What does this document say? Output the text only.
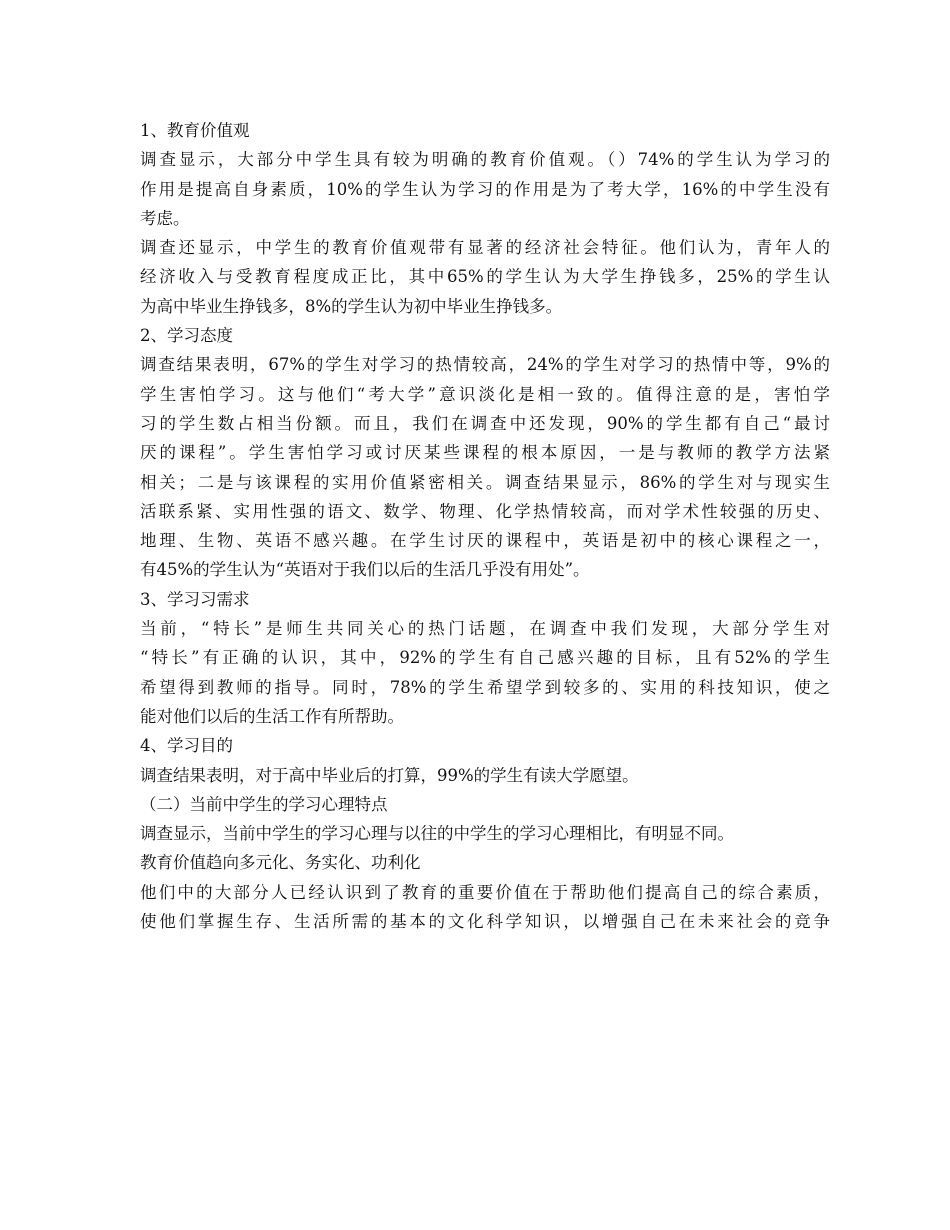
1、教育价值观
调查显示，大部分中学生具有较为明确的教育价值观。（）74%的学生认为学习的
作用是提高自身素质，10%的学生认为学习的作用是为了考大学，16%的中学生没有
考虑。
调查还显示，中学生的教育价值观带有显著的经济社会特征。他们认为，青年人的
经济收入与受教育程度成正比，其中65%的学生认为大学生挣钱多，25%的学生认
为高中毕业生挣钱多，8%的学生认为初中毕业生挣钱多。
2、学习态度
调查结果表明，67%的学生对学习的热情较高，24%的学生对学习的热情中等，9%的
学生害怕学习。这与他们“考大学”意识淡化是相一致的。值得注意的是，害怕学
习的学生数占相当份额。而且，我们在调查中还发现，90%的学生都有自己“最讨
厌的课程”。学生害怕学习或讨厌某些课程的根本原因，一是与教师的教学方法紧
相关；二是与该课程的实用价值紧密相关。调查结果显示，86%的学生对与现实生
活联系紧、实用性强的语文、数学、物理、化学热情较高，而对学术性较强的历史、
地理、生物、英语不感兴趣。在学生讨厌的课程中，英语是初中的核心课程之一，
有45%的学生认为“英语对于我们以后的生活几乎没有用处”。
3、学习习需求
当前，“特长”是师生共同关心的热门话题，在调查中我们发现，大部分学生对
“特长”有正确的认识，其中，92%的学生有自己感兴趣的目标，且有52%的学生
希望得到教师的指导。同时，78%的学生希望学到较多的、实用的科技知识，使之
能对他们以后的生活工作有所帮助。
4、学习目的
调查结果表明，对于高中毕业后的打算，99%的学生有读大学愿望。
（二）当前中学生的学习心理特点
调查显示，当前中学生的学习心理与以往的中学生的学习心理相比，有明显不同。
教育价值趋向多元化、务实化、功利化
他们中的大部分人已经认识到了教育的重要价值在于帮助他们提高自己的综合素质，
使他们掌握生存、生活所需的基本的文化科学知识，以增强自己在未来社会的竞争
